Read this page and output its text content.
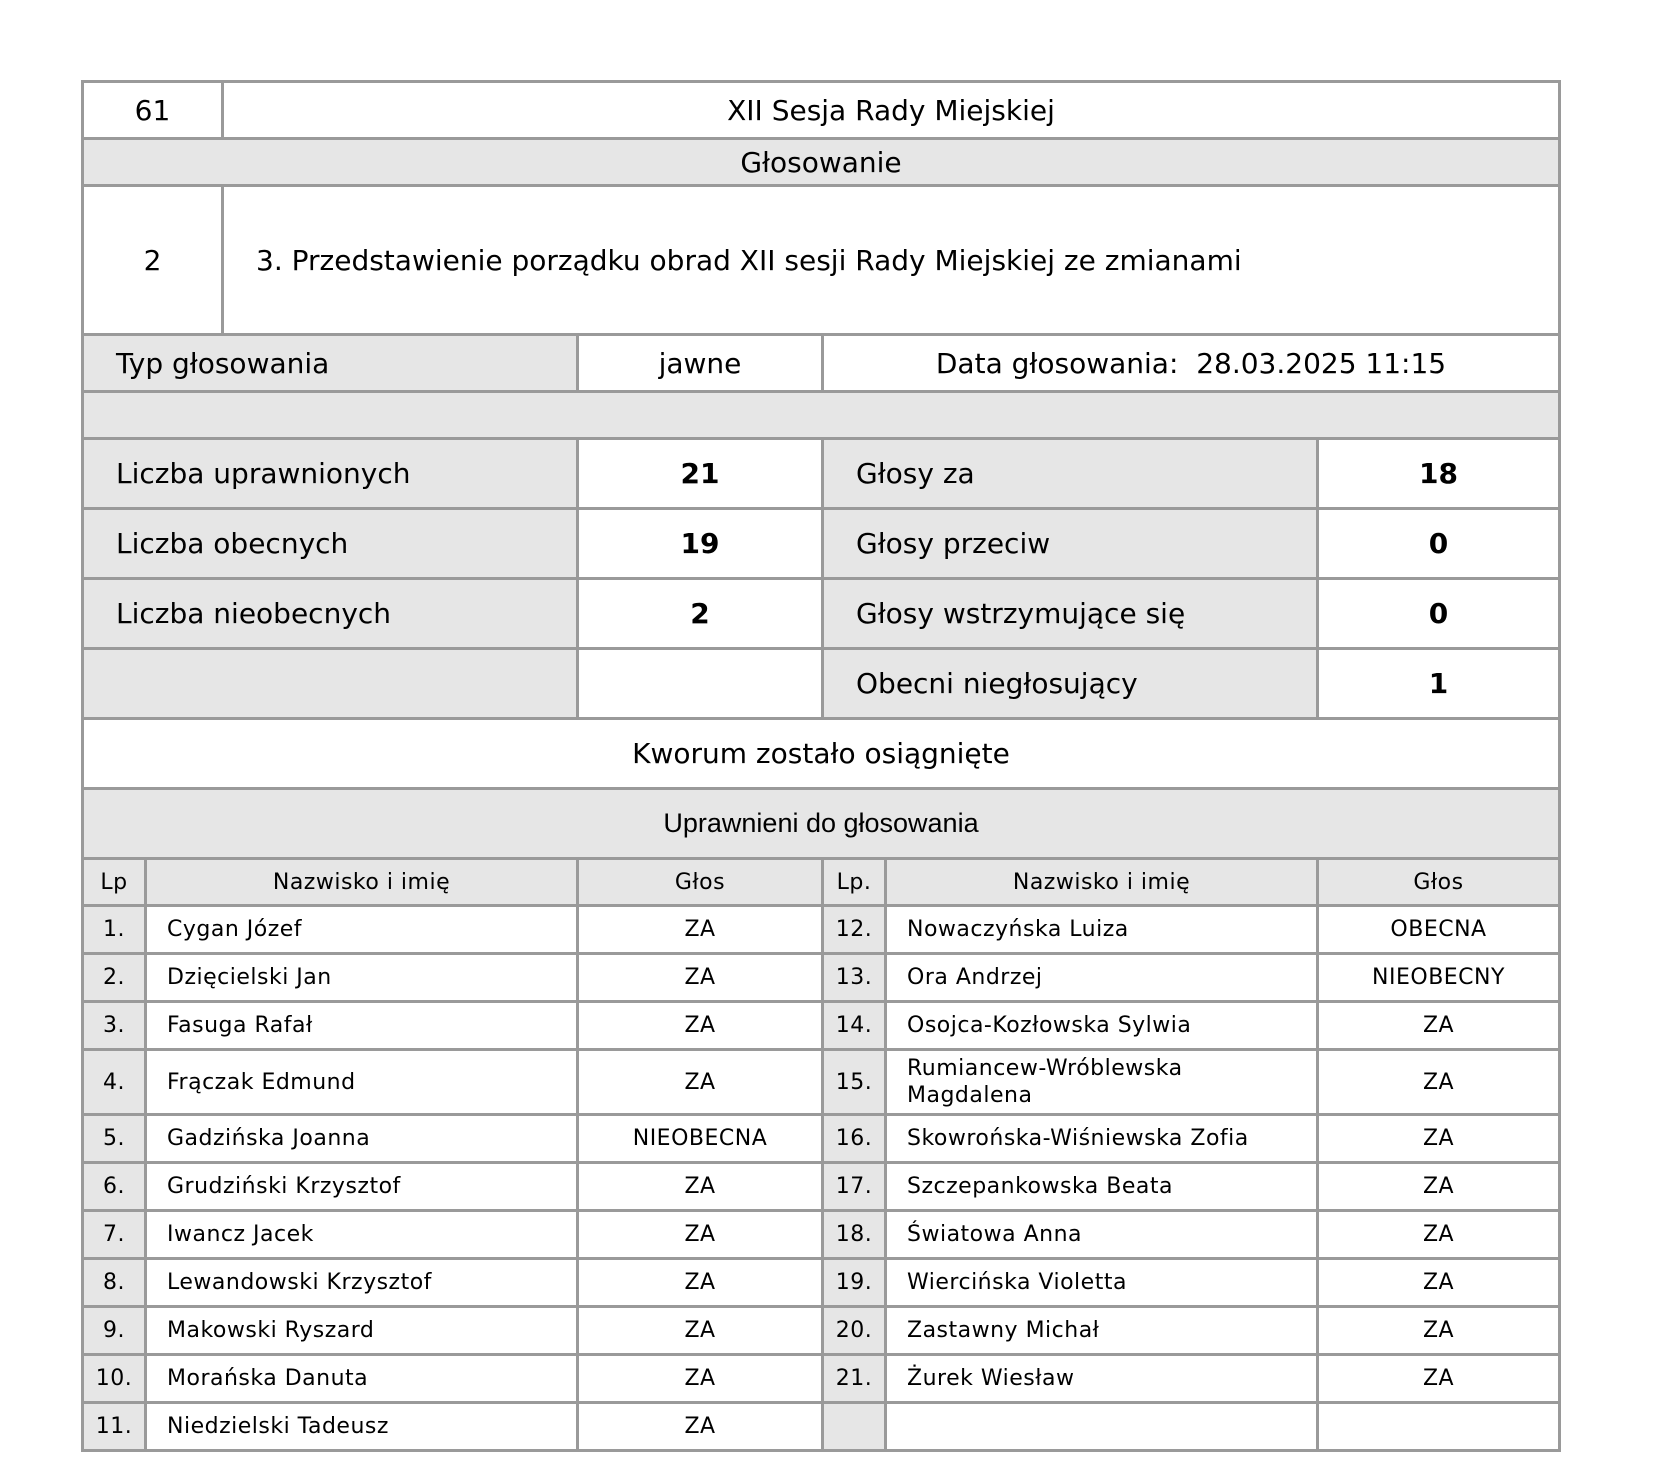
61	XII Sesja Rady Miejskiej
Głosowanie	
2	3. Przedstawienie porządku obrad XII sesji Rady Miejskiej ze zmianami
Typ głosowania	jawne	Data głosowania: 28.03.2025 11:15

Liczba uprawnionych	21	Głosy za	18
Liczba obecnych	19	Głosy przeciw	0
Liczba nieobecnych	2	Głosy wstrzymujące się	0
		Obecni niegłosujący	1
Kworum zostało osiągnięte			
Uprawnieni do głosowania			
Lp	Nazwisko i imię	Głos	Lp.	Nazwisko i imię	Głos
1.	Cygan Józef	ZA	12.	Nowaczyńska Luiza	OBECNA
2.	Dzięcielski Jan	ZA	13.	Ora Andrzej	NIEOBECNY
3.	Fasuga Rafał	ZA	14.	Osojca-Kozłowska Sylwia	ZA
4.	Frączak Edmund	ZA	15.	Rumiancew-Wróblewska Magdalena	ZA
5.	Gadzińska Joanna	NIEOBECNA	16.	Skowrońska-Wiśniewska Zofia	ZA
6.	Grudziński Krzysztof	ZA	17.	Szczepankowska Beata	ZA
7.	Iwancz Jacek	ZA	18.	Światowa Anna	ZA
8.	Lewandowski Krzysztof	ZA	19.	Wiercińska Violetta	ZA
9.	Makowski Ryszard	ZA	20.	Zastawny Michał	ZA
10.	Morańska Danuta	ZA	21.	Żurek Wiesław	ZA
11.	Niedzielski Tadeusz	ZA			
